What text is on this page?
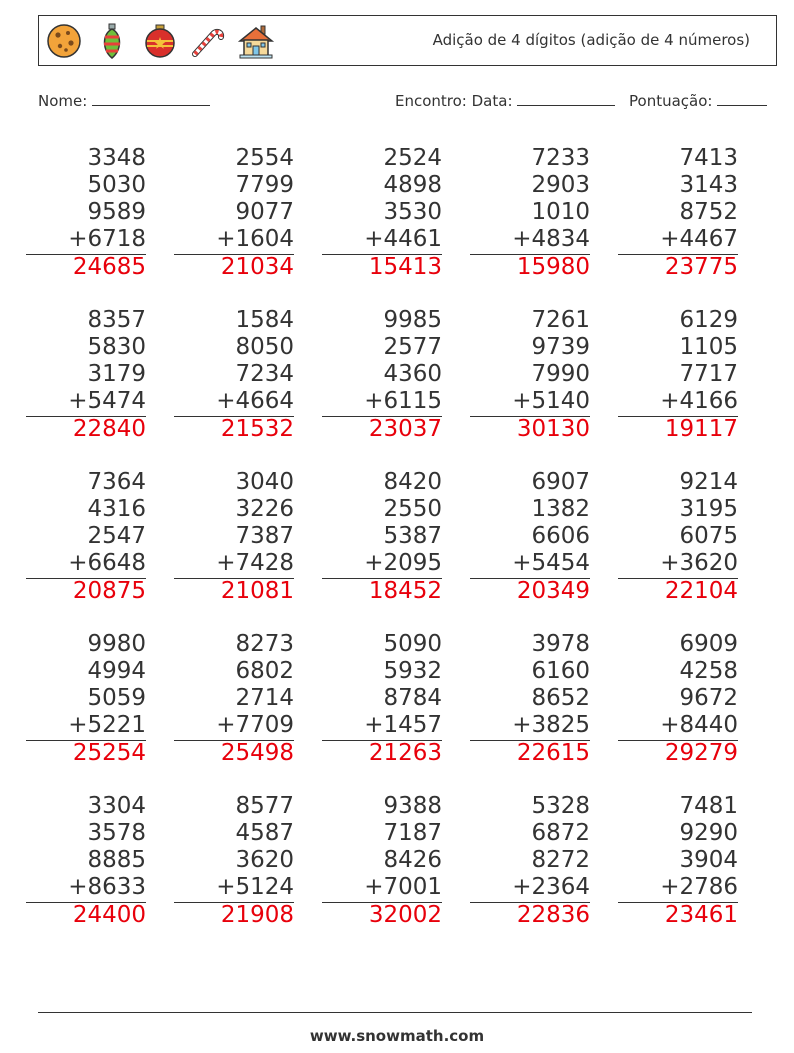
Adição de 4 dígitos (adição de 4 números)
Nome:	Encontro: Data:	Pontuação:
3348
5030
9589
+6718
24685
2554
7799
9077
+1604
21034
2524
4898
3530
+4461
15413
7233
2903
1010
+4834
15980
7413
3143
8752
+4467
23775
8357
5830
3179
+5474
22840
1584
8050
7234
+4664
21532
9985
2577
4360
+6115
23037
7261
9739
7990
+5140
30130
6129
1105
7717
+4166
19117
7364
4316
2547
+6648
20875
3040
3226
7387
+7428
21081
8420
2550
5387
+2095
18452
6907
1382
6606
+5454
20349
9214
3195
6075
+3620
22104
9980
4994
5059
+5221
25254
8273
6802
2714
+7709
25498
5090
5932
8784
+1457
21263
3978
6160
8652
+3825
22615
6909
4258
9672
+8440
29279
3304
3578
8885
+8633
24400
8577
4587
3620
+5124
21908
9388
7187
8426
+7001
32002
5328
6872
8272
+2364
22836
7481
9290
3904
+2786
23461
www.snowmath.com
